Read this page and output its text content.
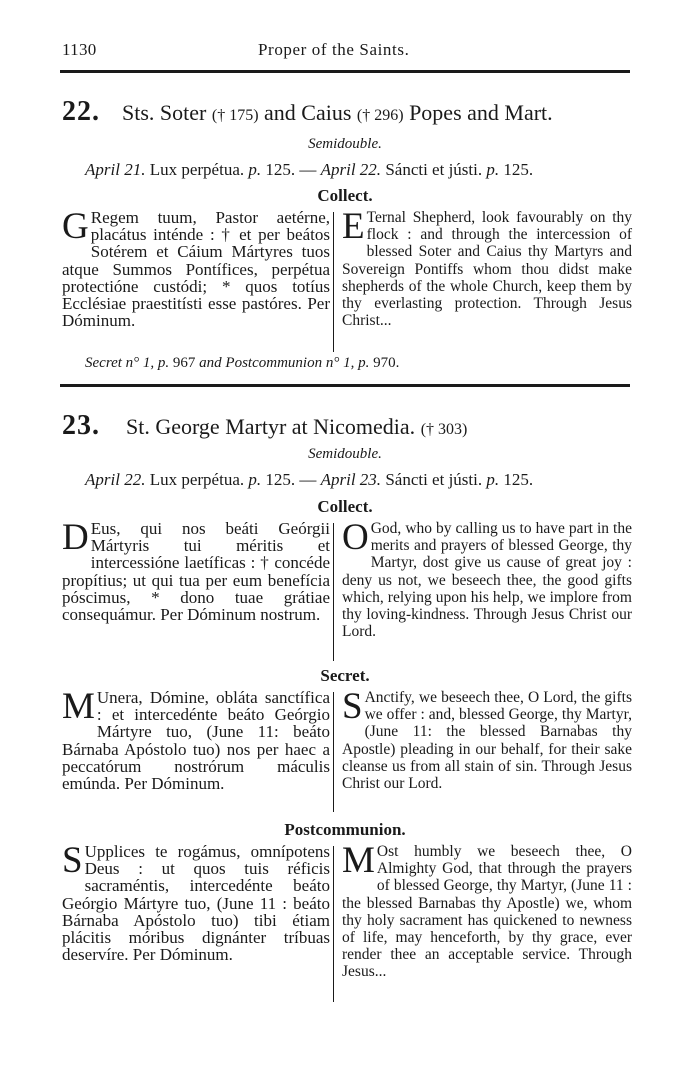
1130	Proper of the Saints.
22. Sts. Soter († 175) and Caius († 296) Popes and Mart.
Semidouble.
April 21. Lux perpétua. p. 125. — April 22. Sáncti et jústi. p. 125.
Collect.
G Regem tuum, Pastor aetérne, placátus inténde : † et per beátos Sotérem et Cáium Mártyres tuos atque Summos Pontífices, perpétua protectióne custódi; * quos totíus Ecclésiae praestitísti esse pastóres. Per Dóminum.
E Ternal Shepherd, look favourably on thy flock : and through the intercession of blessed Soter and Caius thy Martyrs and Sovereign Pontiffs whom thou didst make shepherds of the whole Church, keep them by thy everlasting protection. Through Jesus Christ...
Secret n° 1, p. 967 and Postcommunion n° 1, p. 970.
23. St. George Martyr at Nicomedia. († 303)
Semidouble.
April 22. Lux perpétua. p. 125. — April 23. Sáncti et jústi. p. 125.
Collect.
D Eus, qui nos beáti Geórgii Mártyris tui méritis et intercessióne laetíficas : † concéde propítius; ut qui tua per eum benefícia póscimus, * dono tuae grátiae consequámur. Per Dóminum nostrum.
O God, who by calling us to have part in the merits and prayers of blessed George, thy Martyr, dost give us cause of great joy : deny us not, we beseech thee, the good gifts which, relying upon his help, we implore from thy loving-kindness. Through Jesus Christ our Lord.
Secret.
M Unera, Dómine, obláta sanctífica : et intercedénte beáto Geórgio Mártyre tuo, (June 11: beáto Bárnaba Apóstolo tuo) nos per haec a peccatórum nostrórum máculis emúnda. Per Dóminum.
S Anctify, we beseech thee, O Lord, the gifts we offer : and, blessed George, thy Martyr, (June 11: the blessed Barnabas thy Apostle) pleading in our behalf, for their sake cleanse us from all stain of sin. Through Jesus Christ our Lord.
Postcommunion.
S Upplices te rogámus, omnípotens Deus : ut quos tuis réficis sacraméntis, intercedénte beáto Geórgio Mártyre tuo, (June 11 : beáto Bárnaba Apóstolo tuo) tibi étiam plácitis móribus dignánter tríbuas deservíre. Per Dóminum.
M Ost humbly we beseech thee, O Almighty God, that through the prayers of blessed George, thy Martyr, (June 11 : the blessed Barnabas thy Apostle) we, whom thy holy sacrament has quickened to newness of life, may henceforth, by thy grace, ever render thee an acceptable service. Through Jesus...
